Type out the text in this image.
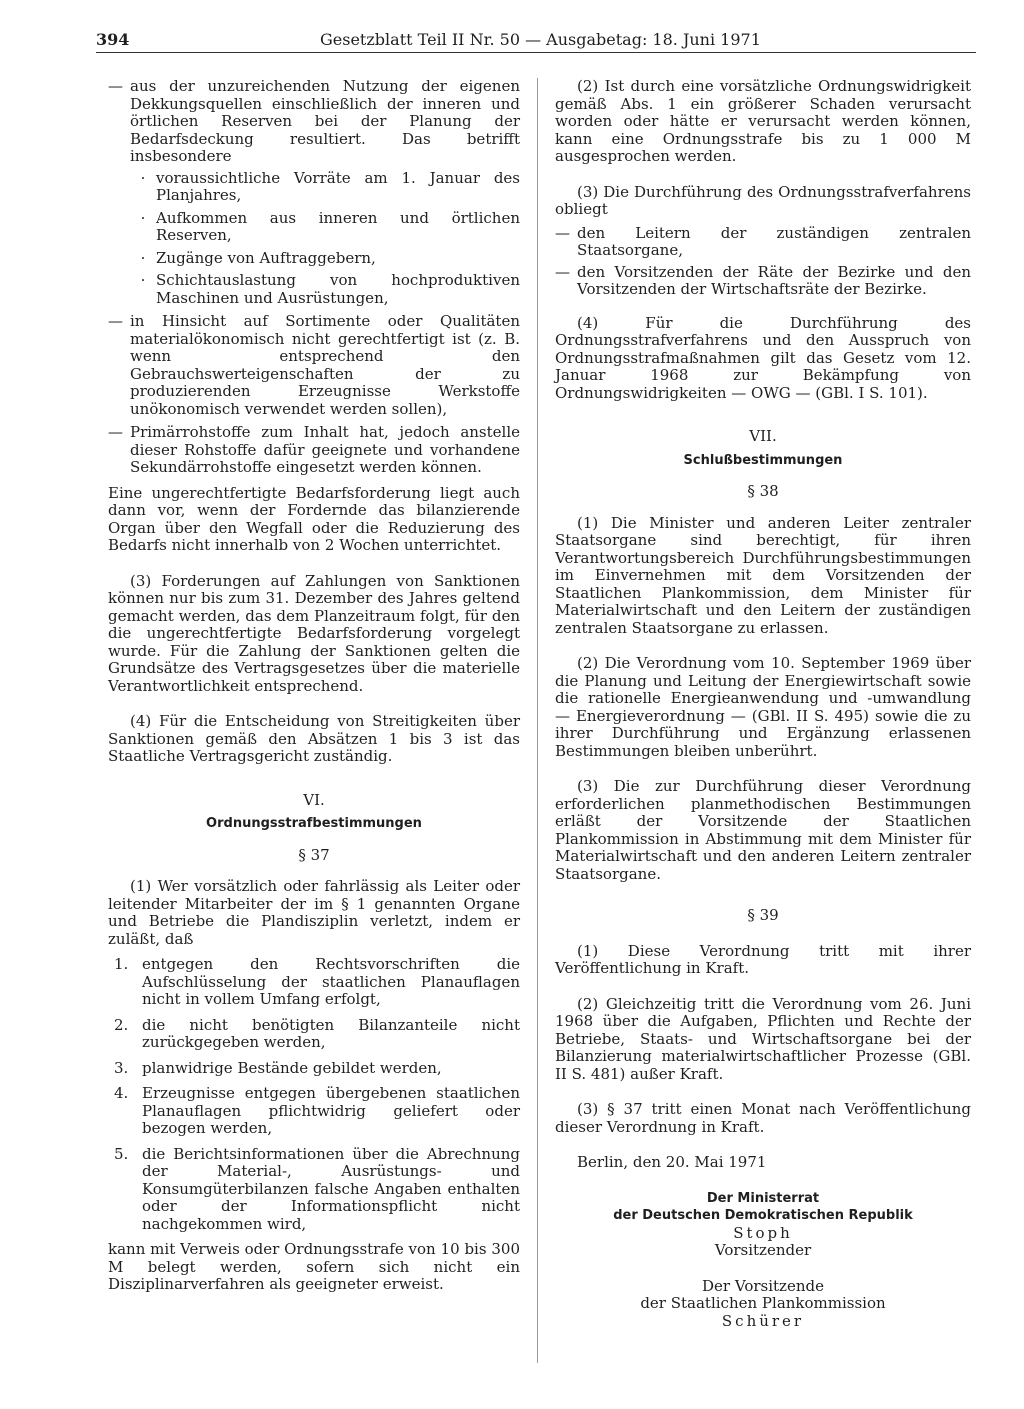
394	Gesetzblatt Teil II Nr. 50 — Ausgabetag: 18. Juni 1971
— aus der unzureichenden Nutzung der eigenen Dekkungsquellen einschließlich der inneren und örtlichen Reserven bei der Planung der Bedarfsdeckung resultiert. Das betrifft insbesondere
· voraussichtliche Vorräte am 1. Januar des Planjahres,
· Aufkommen aus inneren und örtlichen Reserven,
· Zugänge von Auftraggebern,
· Schichtauslastung von hochproduktiven Maschinen und Ausrüstungen,
— in Hinsicht auf Sortimente oder Qualitäten materialökonomisch nicht gerechtfertigt ist (z. B. wenn entsprechend den Gebrauchswerteigenschaften der zu produzierenden Erzeugnisse Werkstoffe unökonomisch verwendet werden sollen),
— Primärrohstoffe zum Inhalt hat, jedoch anstelle dieser Rohstoffe dafür geeignete und vorhandene Sekundärrohstoffe eingesetzt werden können.

Eine ungerechtfertigte Bedarfsforderung liegt auch dann vor, wenn der Fordernde das bilanzierende Organ über den Wegfall oder die Reduzierung des Bedarfs nicht innerhalb von 2 Wochen unterrichtet.

(3) Forderungen auf Zahlungen von Sanktionen können nur bis zum 31. Dezember des Jahres geltend gemacht werden, das dem Planzeitraum folgt, für den die ungerechtfertigte Bedarfsforderung vorgelegt wurde. Für die Zahlung der Sanktionen gelten die Grundsätze des Vertragsgesetzes über die materielle Verantwortlichkeit entsprechend.

(4) Für die Entscheidung von Streitigkeiten über Sanktionen gemäß den Absätzen 1 bis 3 ist das Staatliche Vertragsgericht zuständig.

VI.

Ordnungsstrafbestimmungen

§ 37

(1) Wer vorsätzlich oder fahrlässig als Leiter oder leitender Mitarbeiter der im § 1 genannten Organe und Betriebe die Plandisziplin verletzt, indem er zuläßt, daß

1. entgegen den Rechtsvorschriften die Aufschlüsselung der staatlichen Planauflagen nicht in vollem Umfang erfolgt,
2. die nicht benötigten Bilanzanteile nicht zurückgegeben werden,
3. planwidrige Bestände gebildet werden,
4. Erzeugnisse entgegen übergebenen staatlichen Planauflagen pflichtwidrig geliefert oder bezogen werden,
5. die Berichtsinformationen über die Abrechnung der Material-, Ausrüstungs- und Konsumgüterbilanzen falsche Angaben enthalten oder der Informationspflicht nicht nachgekommen wird,

kann mit Verweis oder Ordnungsstrafe von 10 bis 300 M belegt werden, sofern sich nicht ein Disziplinarverfahren als geeigneter erweist.

(2) Ist durch eine vorsätzliche Ordnungswidrigkeit gemäß Abs. 1 ein größerer Schaden verursacht worden oder hätte er verursacht werden können, kann eine Ordnungsstrafe bis zu 1 000 M ausgesprochen werden.

(3) Die Durchführung des Ordnungsstrafverfahrens obliegt

— den Leitern der zuständigen zentralen Staatsorgane,
— den Vorsitzenden der Räte der Bezirke und den Vorsitzenden der Wirtschaftsräte der Bezirke.

(4) Für die Durchführung des Ordnungsstrafverfahrens und den Ausspruch von Ordnungsstrafmaßnahmen gilt das Gesetz vom 12. Januar 1968 zur Bekämpfung von Ordnungswidrigkeiten — OWG — (GBl. I S. 101).

VII.

Schlußbestimmungen

§ 38

(1) Die Minister und anderen Leiter zentraler Staatsorgane sind berechtigt, für ihren Verantwortungsbereich Durchführungsbestimmungen im Einvernehmen mit dem Vorsitzenden der Staatlichen Plankommission, dem Minister für Materialwirtschaft und den Leitern der zuständigen zentralen Staatsorgane zu erlassen.

(2) Die Verordnung vom 10. September 1969 über die Planung und Leitung der Energiewirtschaft sowie die rationelle Energieanwendung und -umwandlung — Energieverordnung — (GBl. II S. 495) sowie die zu ihrer Durchführung und Ergänzung erlassenen Bestimmungen bleiben unberührt.

(3) Die zur Durchführung dieser Verordnung erforderlichen planmethodischen Bestimmungen erläßt der Vorsitzende der Staatlichen Plankommission in Abstimmung mit dem Minister für Materialwirtschaft und den anderen Leitern zentraler Staatsorgane.

§ 39

(1) Diese Verordnung tritt mit ihrer Veröffentlichung in Kraft.

(2) Gleichzeitig tritt die Verordnung vom 26. Juni 1968 über die Aufgaben, Pflichten und Rechte der Betriebe, Staats- und Wirtschaftsorgane bei der Bilanzierung materialwirtschaftlicher Prozesse (GBl. II S. 481) außer Kraft.

(3) § 37 tritt einen Monat nach Veröffentlichung dieser Verordnung in Kraft.

Berlin, den 20. Mai 1971

Der Ministerrat

der Deutschen Demokratischen Republik

Stoph

Vorsitzender

Der Vorsitzende

der Staatlichen Plankommission

Schürer
